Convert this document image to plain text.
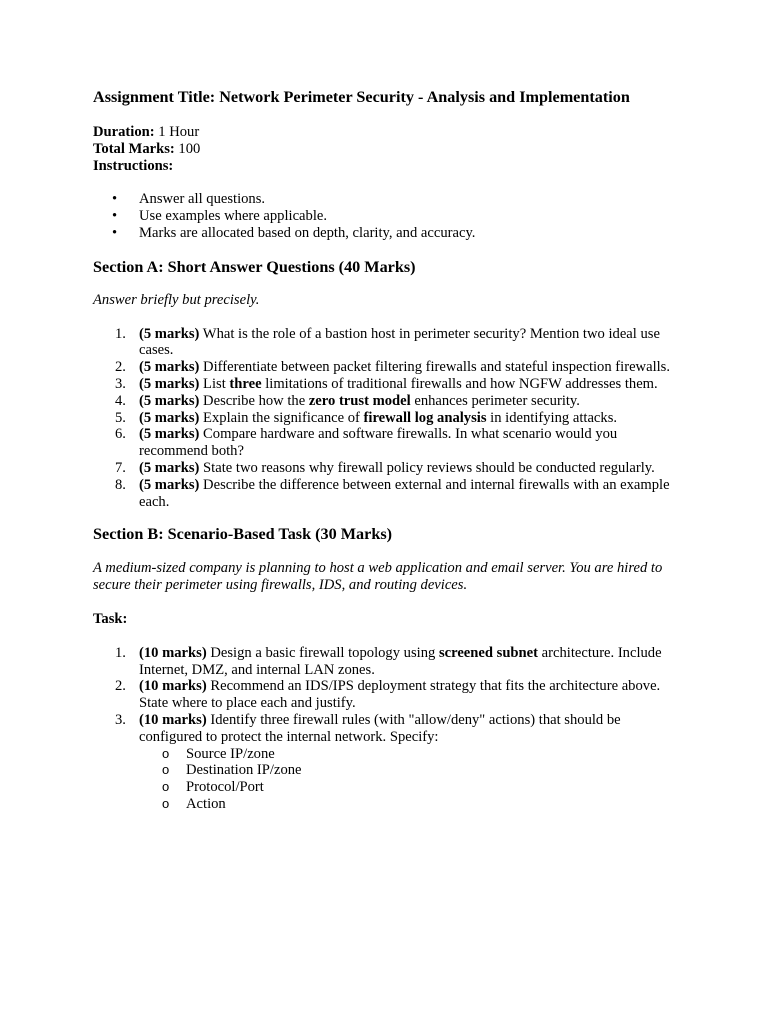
Assignment Title: Network Perimeter Security - Analysis and Implementation

Duration: 1 Hour

Total Marks: 100

Instructions:

• Answer all questions.
• Use examples where applicable.
• Marks are allocated based on depth, clarity, and accuracy.
Section A: Short Answer Questions (40 Marks)

Answer briefly but precisely.

1. (5 marks) What is the role of a bastion host in perimeter security? Mention two ideal use cases.
2. (5 marks) Differentiate between packet filtering firewalls and stateful inspection firewalls.
3. (5 marks) List three limitations of traditional firewalls and how NGFW addresses them.
4. (5 marks) Describe how the zero trust model enhances perimeter security.
5. (5 marks) Explain the significance of firewall log analysis in identifying attacks.
6. (5 marks) Compare hardware and software firewalls. In what scenario would you recommend both?
7. (5 marks) State two reasons why firewall policy reviews should be conducted regularly.
8. (5 marks) Describe the difference between external and internal firewalls with an example each.
Section B: Scenario-Based Task (30 Marks)

A medium-sized company is planning to host a web application and email server. You are hired to secure their perimeter using firewalls, IDS, and routing devices.

Task:

1. (10 marks) Design a basic firewall topology using screened subnet architecture. Include Internet, DMZ, and internal LAN zones.
2. (10 marks) Recommend an IDS/IPS deployment strategy that fits the architecture above. State where to place each and justify.
3. (10 marks) Identify three firewall rules (with "allow/deny" actions) that should be configured to protect the internal network. Specify:
o Source IP/zone
o Destination IP/zone
o Protocol/Port
o Action
